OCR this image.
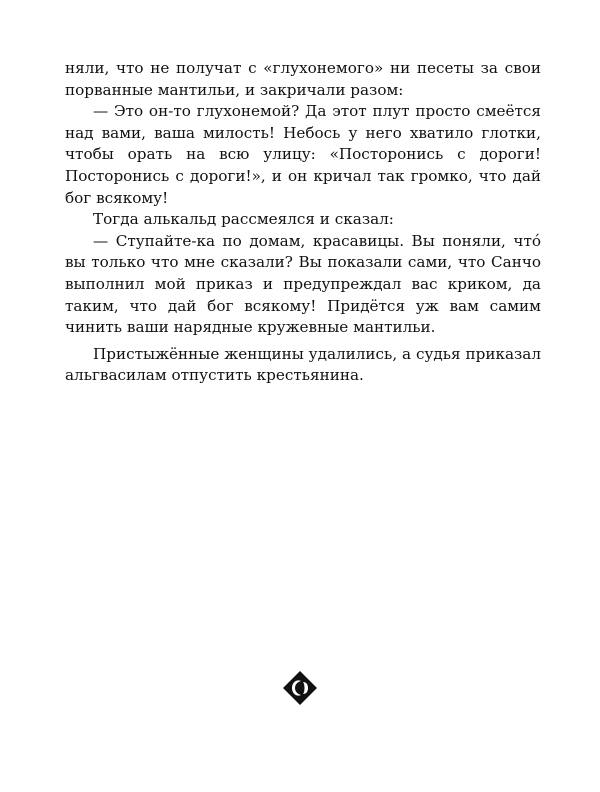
няли, что не получат с «глухонемого» ни песеты за свои порванные мантильи, и закричали разом:

— Это он-то глухонемой? Да этот плут просто смеётся над вами, ваша милость! Небось у него хватило глотки, чтобы орать на всю улицу: «Посторонись с дороги! Посторонись с дороги!», и он кричал так громко, что дай бог всякому!

Тогда алькальд рассмеялся и сказал:

— Ступайте-ка по домам, красавицы. Вы поняли, что́ вы только что мне сказали? Вы показали сами, что Санчо выполнил мой приказ и предупреждал вас криком, да таким, что дай бог всякому! Придётся уж вам самим чинить ваши нарядные кружевные мантильи.

Пристыжённые женщины удалились, а судья приказал альгвасилам отпустить крестьянина.
